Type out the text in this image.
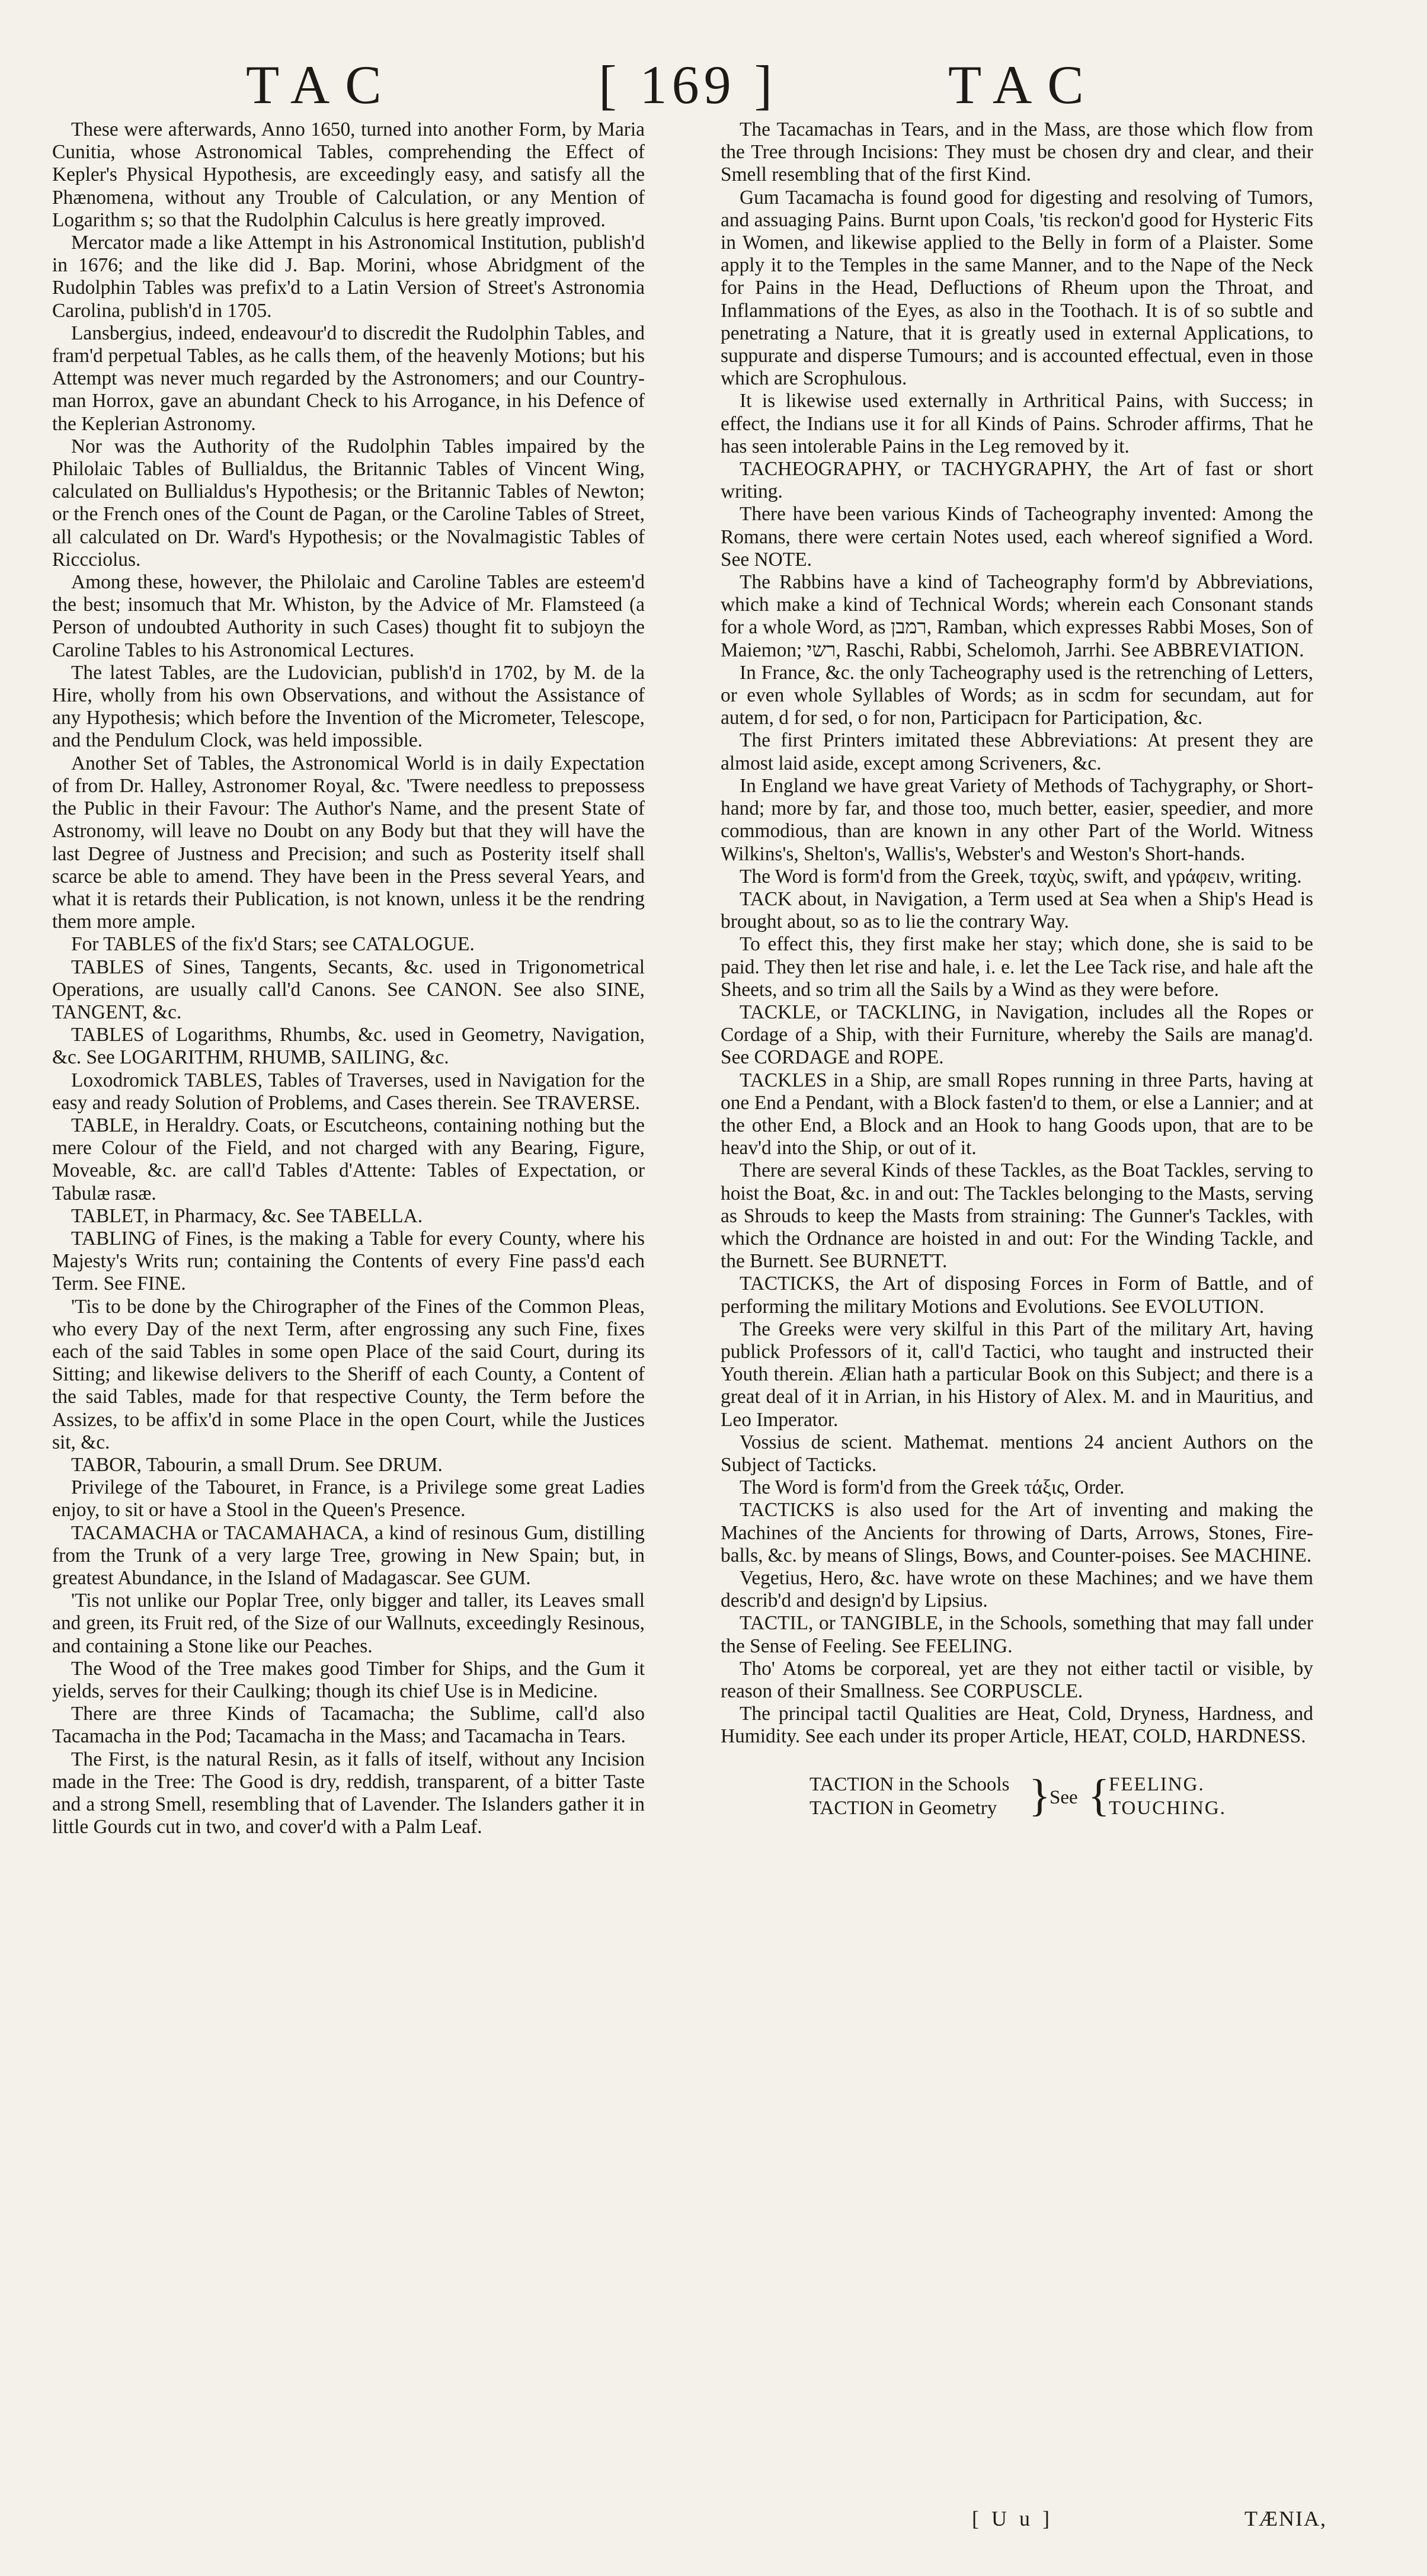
TAC	[ 169 ]	TAC

These were afterwards, Anno 1650, turned into another Form, by Maria Cunitia, whose Astronomical Tables, comprehending the Effect of Kepler's Physical Hypothesis, are exceedingly easy, and satisfy all the Phænomena, without any Trouble of Calculation, or any Mention of Logarithm s; so that the Rudolphin Calculus is here greatly improved.

Mercator made a like Attempt in his Astronomical Institution, publish'd in 1676; and the like did J. Bap. Morini, whose Abridgment of the Rudolphin Tables was prefix'd to a Latin Version of Street's Astronomia Carolina, publish'd in 1705.

Lansbergius, indeed, endeavour'd to discredit the Rudolphin Tables, and fram'd perpetual Tables, as he calls them, of the heavenly Motions; but his Attempt was never much regarded by the Astronomers; and our Country-man Horrox, gave an abundant Check to his Arrogance, in his Defence of the Keplerian Astronomy.

Nor was the Authority of the Rudolphin Tables impaired by the Philolaic Tables of Bullialdus, the Britannic Tables of Vincent Wing, calculated on Bullialdus's Hypothesis; or the Britannic Tables of Newton; or the French ones of the Count de Pagan, or the Caroline Tables of Street, all calculated on Dr. Ward's Hypothesis; or the Novalmagistic Tables of Riccciolus.

Among these, however, the Philolaic and Caroline Tables are esteem'd the best; insomuch that Mr. Whiston, by the Advice of Mr. Flamsteed (a Person of undoubted Authority in such Cases) thought fit to subjoyn the Caroline Tables to his Astronomical Lectures.

The latest Tables, are the Ludovician, publish'd in 1702, by M. de la Hire, wholly from his own Observations, and without the Assistance of any Hypothesis; which before the Invention of the Micrometer, Telescope, and the Pendulum Clock, was held impossible.

Another Set of Tables, the Astronomical World is in daily Expectation of from Dr. Halley, Astronomer Royal, &c. 'Twere needless to prepossess the Public in their Favour: The Author's Name, and the present State of Astronomy, will leave no Doubt on any Body but that they will have the last Degree of Justness and Precision; and such as Posterity itself shall scarce be able to amend. They have been in the Press several Years, and what it is retards their Publication, is not known, unless it be the rendring them more ample.

For TABLES of the fix'd Stars; see CATALOGUE.

TABLES of Sines, Tangents, Secants, &c. used in Trigonometrical Operations, are usually call'd Canons. See CANON. See also SINE, TANGENT, &c.

TABLES of Logarithms, Rhumbs, &c. used in Geometry, Navigation, &c. See LOGARITHM, RHUMB, SAILING, &c.

Loxodromick TABLES, Tables of Traverses, used in Navigation for the easy and ready Solution of Problems, and Cases therein. See TRAVERSE.

TABLE, in Heraldry. Coats, or Escutcheons, containing nothing but the mere Colour of the Field, and not charged with any Bearing, Figure, Moveable, &c. are call'd Tables d'Attente: Tables of Expectation, or Tabulæ rasæ.

TABLET, in Pharmacy, &c. See TABELLA.

TABLING of Fines, is the making a Table for every County, where his Majesty's Writs run; containing the Contents of every Fine pass'd each Term. See FINE.

'Tis to be done by the Chirographer of the Fines of the Common Pleas, who every Day of the next Term, after engrossing any such Fine, fixes each of the said Tables in some open Place of the said Court, during its Sitting; and likewise delivers to the Sheriff of each County, a Content of the said Tables, made for that respective County, the Term before the Assizes, to be affix'd in some Place in the open Court, while the Justices sit, &c.

TABOR, Tabourin, a small Drum. See DRUM.

Privilege of the Tabouret, in France, is a Privilege some great Ladies enjoy, to sit or have a Stool in the Queen's Presence.

TACAMACHA or TACAMAHACA, a kind of resinous Gum, distilling from the Trunk of a very large Tree, growing in New Spain; but, in greatest Abundance, in the Island of Madagascar. See GUM.

'Tis not unlike our Poplar Tree, only bigger and taller, its Leaves small and green, its Fruit red, of the Size of our Wallnuts, exceedingly Resinous, and containing a Stone like our Peaches.

The Wood of the Tree makes good Timber for Ships, and the Gum it yields, serves for their Caulking; though its chief Use is in Medicine.

There are three Kinds of Tacamacha; the Sublime, call'd also Tacamacha in the Pod; Tacamacha in the Mass; and Tacamacha in Tears.

The First, is the natural Resin, as it falls of itself, without any Incision made in the Tree: The Good is dry, reddish, transparent, of a bitter Taste and a strong Smell, resembling that of Lavender. The Islanders gather it in little Gourds cut in two, and cover'd with a Palm Leaf.

The Tacamachas in Tears, and in the Mass, are those which flow from the Tree through Incisions: They must be chosen dry and clear, and their Smell resembling that of the first Kind.

Gum Tacamacha is found good for digesting and resolving of Tumors, and assuaging Pains. Burnt upon Coals, 'tis reckon'd good for Hysteric Fits in Women, and likewise applied to the Belly in form of a Plaister. Some apply it to the Temples in the same Manner, and to the Nape of the Neck for Pains in the Head, Defluctions of Rheum upon the Throat, and Inflammations of the Eyes, as also in the Toothach. It is of so subtle and penetrating a Nature, that it is greatly used in external Applications, to suppurate and disperse Tumours; and is accounted effectual, even in those which are Scrophulous.

It is likewise used externally in Arthritical Pains, with Success; in effect, the Indians use it for all Kinds of Pains. Schroder affirms, That he has seen intolerable Pains in the Leg removed by it.

TACHEOGRAPHY, or TACHYGRAPHY, the Art of fast or short writing.

There have been various Kinds of Tacheography invented: Among the Romans, there were certain Notes used, each whereof signified a Word. See NOTE.

The Rabbins have a kind of Tacheography form'd by Abbreviations, which make a kind of Technical Words; wherein each Consonant stands for a whole Word, as רמבן, Ramban, which expresses Rabbi Moses, Son of Maiemon; רשי, Raschi, Rabbi, Schelomoh, Jarrhi. See ABBREVIATION.

In France, &c. the only Tacheography used is the retrenching of Letters, or even whole Syllables of Words; as in scdm for secundam, aut for autem, d for sed, o for non, Participacn for Participation, &c.

The first Printers imitated these Abbreviations: At present they are almost laid aside, except among Scriveners, &c.

In England we have great Variety of Methods of Tachygraphy, or Short-hand; more by far, and those too, much better, easier, speedier, and more commodious, than are known in any other Part of the World. Witness Wilkins's, Shelton's, Wallis's, Webster's and Weston's Short-hands.

The Word is form'd from the Greek, ταχὺς, swift, and γράφειν, writing.

TACK about, in Navigation, a Term used at Sea when a Ship's Head is brought about, so as to lie the contrary Way.

To effect this, they first make her stay; which done, she is said to be paid. They then let rise and hale, i. e. let the Lee Tack rise, and hale aft the Sheets, and so trim all the Sails by a Wind as they were before.

TACKLE, or TACKLING, in Navigation, includes all the Ropes or Cordage of a Ship, with their Furniture, whereby the Sails are manag'd. See CORDAGE and ROPE.

TACKLES in a Ship, are small Ropes running in three Parts, having at one End a Pendant, with a Block fasten'd to them, or else a Lannier; and at the other End, a Block and an Hook to hang Goods upon, that are to be heav'd into the Ship, or out of it.

There are several Kinds of these Tackles, as the Boat Tackles, serving to hoist the Boat, &c. in and out: The Tackles belonging to the Masts, serving as Shrouds to keep the Masts from straining: The Gunner's Tackles, with which the Ordnance are hoisted in and out: For the Winding Tackle, and the Burnett. See BURNETT.

TACTICKS, the Art of disposing Forces in Form of Battle, and of performing the military Motions and Evolutions. See EVOLUTION.

The Greeks were very skilful in this Part of the military Art, having publick Professors of it, call'd Tactici, who taught and instructed their Youth therein. Ælian hath a particular Book on this Subject; and there is a great deal of it in Arrian, in his History of Alex. M. and in Mauritius, and Leo Imperator.

Vossius de scient. Mathemat. mentions 24 ancient Authors on the Subject of Tacticks.

The Word is form'd from the Greek τάξις, Order.

TACTICKS is also used for the Art of inventing and making the Machines of the Ancients for throwing of Darts, Arrows, Stones, Fire-balls, &c. by means of Slings, Bows, and Counter-poises. See MACHINE.

Vegetius, Hero, &c. have wrote on these Machines; and we have them describ'd and design'd by Lipsius.

TACTIL, or TANGIBLE, in the Schools, something that may fall under the Sense of Feeling. See FEELING.

Tho' Atoms be corporeal, yet are they not either tactil or visible, by reason of their Smallness. See CORPUSCLE.

The principal tactil Qualities are Heat, Cold, Dryness, Hardness, and Humidity. See each under its proper Article, HEAT, COLD, HARDNESS.

TACTION in the Schools
TACTION in Geometry }
See {
FEELING.
TOUCHING.
[ U u ]	TÆNIA,
